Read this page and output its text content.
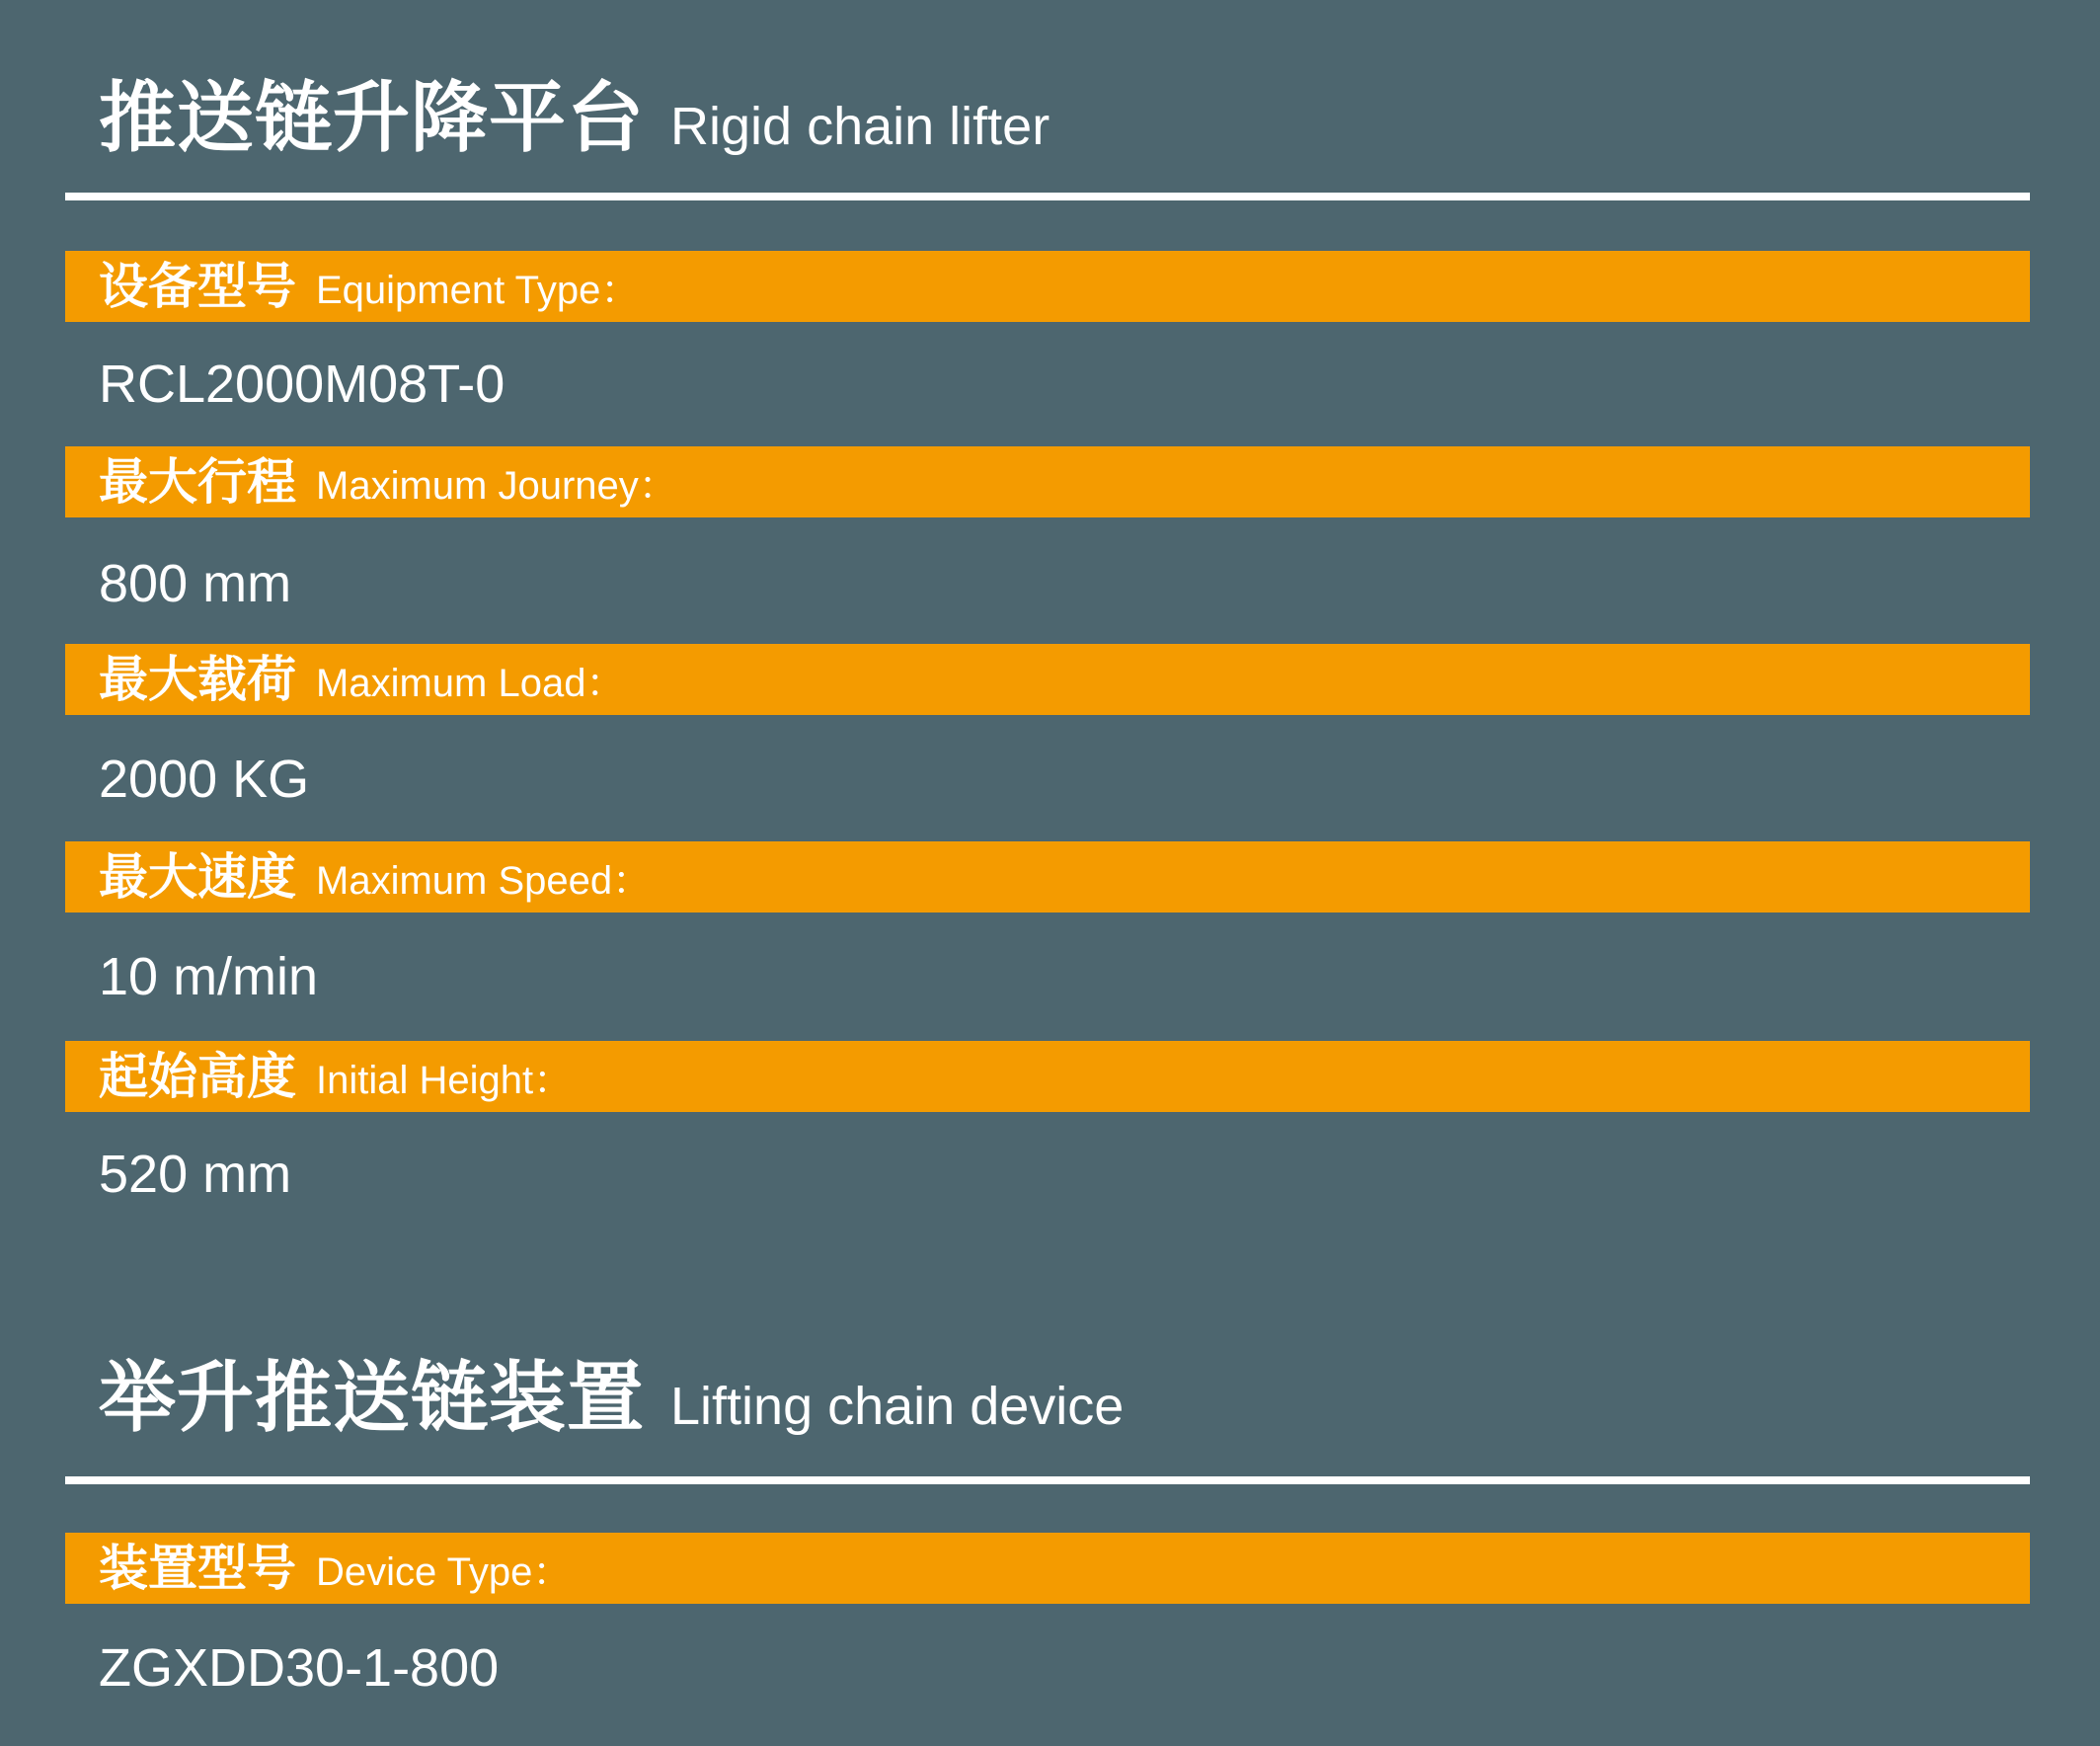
推送链升降平台 Rigid chain lifter
设备型号 Equipment Type：
RCL2000M08T-0
最大行程 Maximum Journey：
800 mm
最大载荷 Maximum Load：
2000 KG
最大速度 Maximum Speed：
10 m/min
起始高度 Initial Height：
520 mm
举升推送链装置 Lifting chain device
装置型号 Device Type：
ZGXDD30-1-800
